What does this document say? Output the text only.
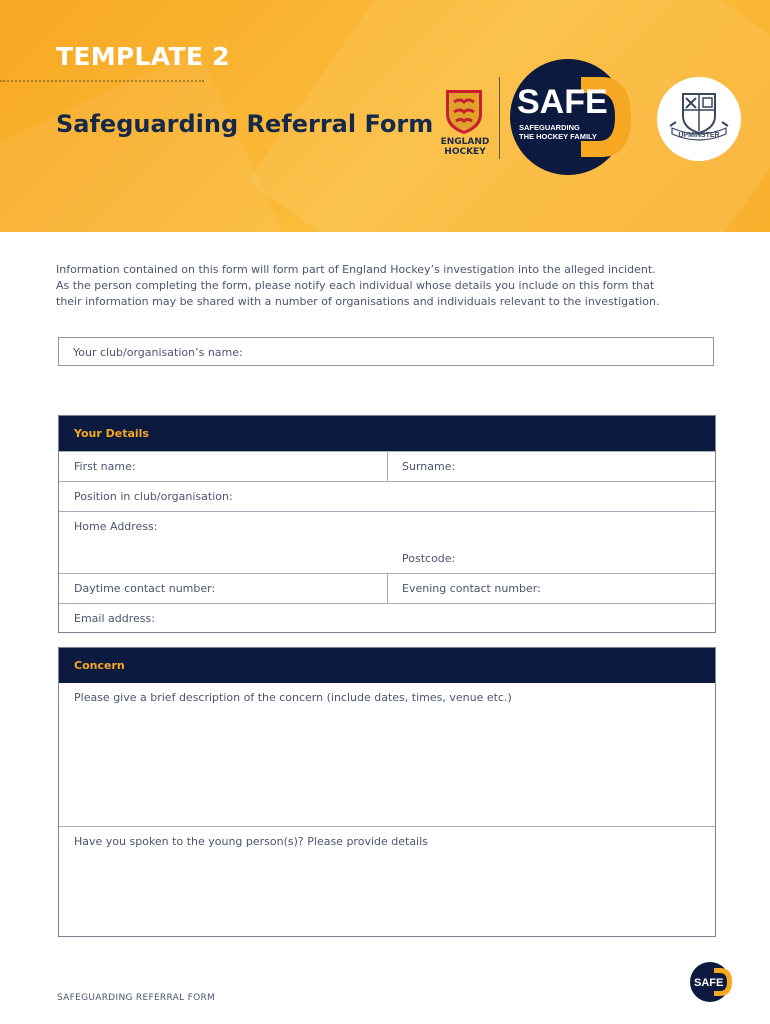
TEMPLATE 2
Safeguarding Referral Form
ENGLAND
HOCKEY
SAFE
SAFEGUARDING
THE HOCKEY FAMILY	UPMINSTER

Information contained on this form will form part of England Hockey’s investigation into the alleged incident.

As the person completing the form, please notify each individual whose details you include on this form that

their information may be shared with a number of organisations and individuals relevant to the investigation.

Your club/organisation’s name:
Your Details
First name:	Surname:
Position in club/organisation:
Home Address:
Postcode:
Daytime contact number:	Evening contact number:
Email address:
Concern
Please give a brief description of the concern (include dates, times, venue etc.)
Have you spoken to the young person(s)? Please provide details
SAFEGUARDING REFERRAL FORM
SAFE
